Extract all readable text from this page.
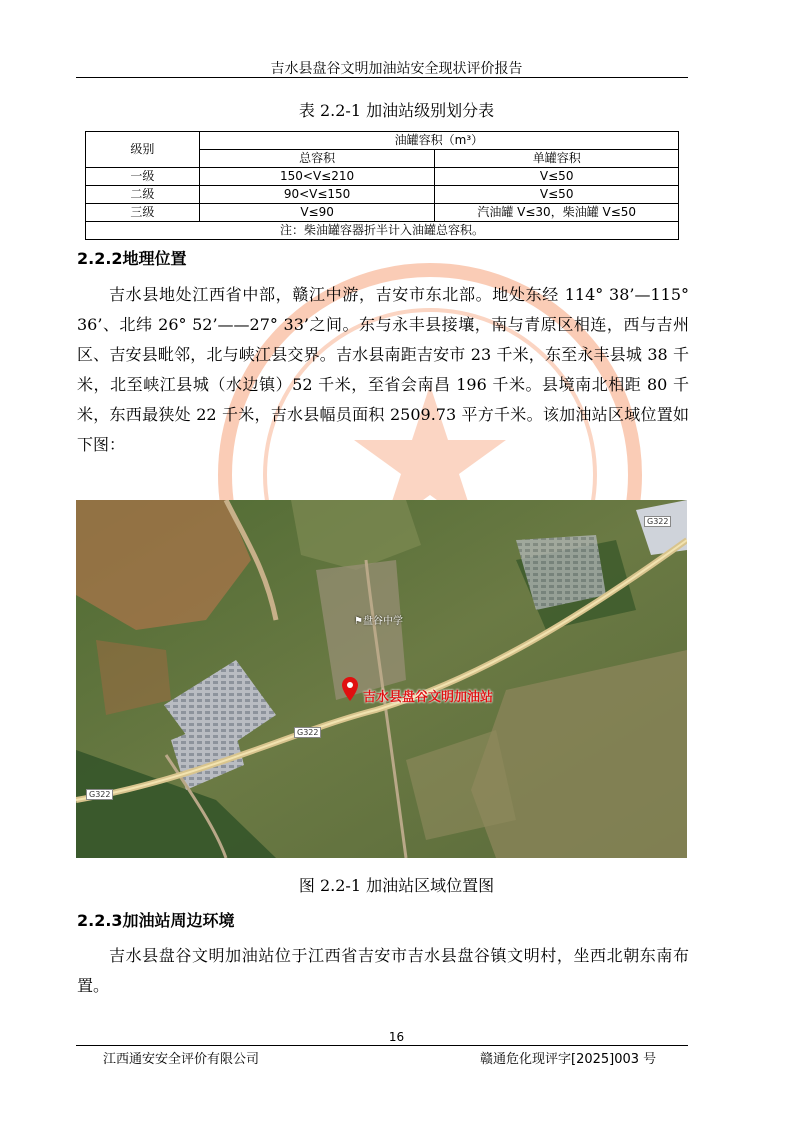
吉水县盘谷文明加油站安全现状评价报告
表 2.2-1 加油站级别划分表
级别	油罐容积（m³）	
	总容积	单罐容积
一级	150<V≤210	V≤50
二级	90<V≤150	V≤50
三级	V≤90	汽油罐 V≤30，柴油罐 V≤50
注：柴油罐容器折半计入油罐总容积。		
2.2.2地理位置

吉水县地处江西省中部，赣江中游，吉安市东北部。地处东经 114° 38’—115° 36’、北纬 26° 52’——27° 33’之间。东与永丰县接壤，南与青原区相连，西与吉州区、吉安县毗邻，北与峡江县交界。吉水县南距吉安市 23 千米，东至永丰县城 38 千米，北至峡江县城（水边镇）52 千米，至省会南昌 196 千米。县境南北相距 80 千米，东西最狭处 22 千米，吉水县幅员面积 2509.73 平方千米。该加油站区域位置如下图：

G322
G322
G322
⚑盘谷中学
吉水县盘谷文明加油站
图 2.2-1 加油站区域位置图
2.2.3加油站周边环境

吉水县盘谷文明加油站位于江西省吉安市吉水县盘谷镇文明村，坐西北朝东南布置。

16
江西通安安全评价有限公司	赣通危化现评字[2025]003 号
